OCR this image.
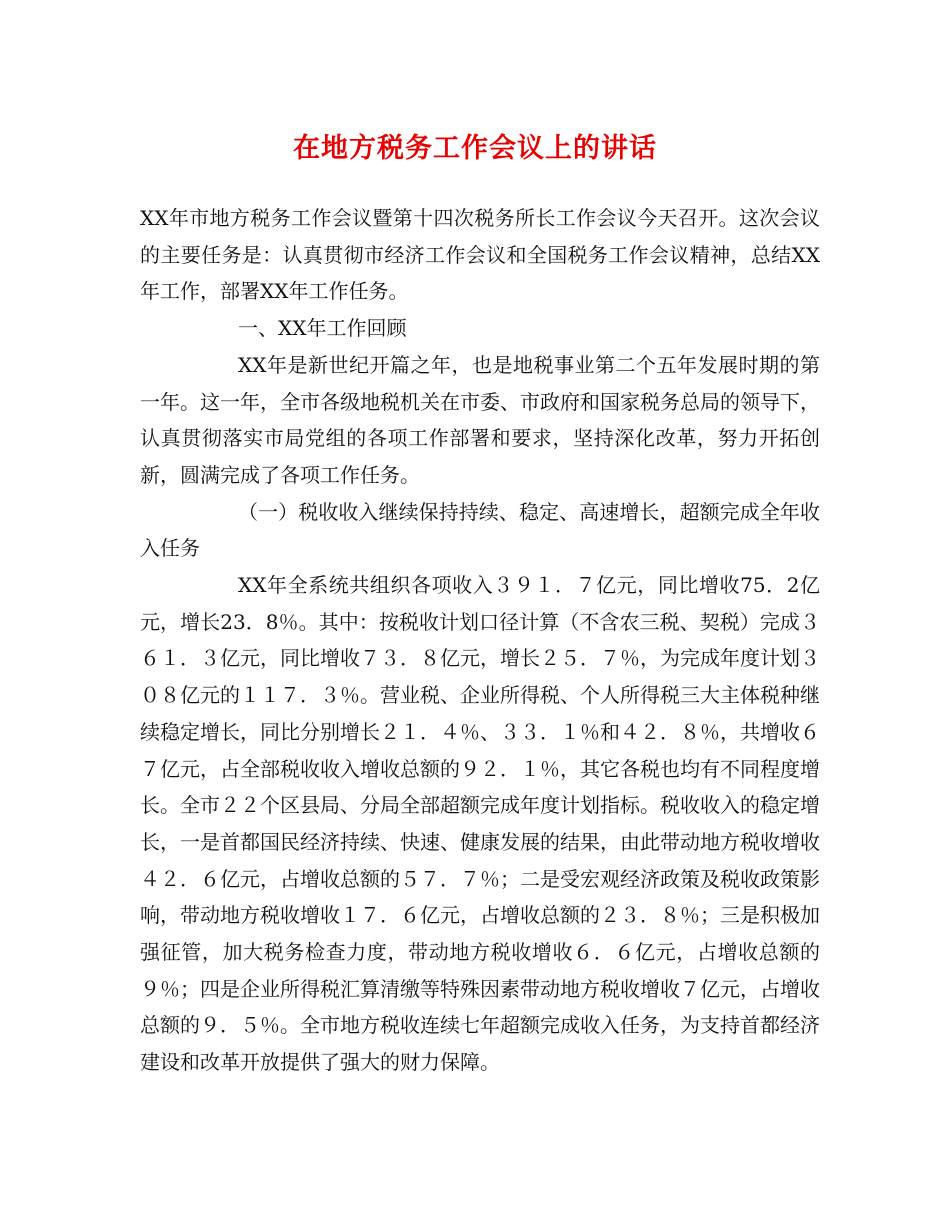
在地方税务工作会议上的讲话

XX年市地方税务工作会议暨第十四次税务所长工作会议今天召开。这次会议的主要任务是：认真贯彻市经济工作会议和全国税务工作会议精神，总结XX年工作，部署XX年工作任务。

一、XX年工作回顾

XX年是新世纪开篇之年，也是地税事业第二个五年发展时期的第一年。这一年，全市各级地税机关在市委、市政府和国家税务总局的领导下，认真贯彻落实市局党组的各项工作部署和要求，坚持深化改革，努力开拓创新，圆满完成了各项工作任务。

（一）税收收入继续保持持续、稳定、高速增长，超额完成全年收入任务

XX年全系统共组织各项收入３９１．７亿元，同比增收75．2亿元，增长23．8％。其中：按税收计划口径计算（不含农三税、契税）完成３６１．３亿元，同比增收７３．８亿元，增长２５．７％，为完成年度计划３０８亿元的１１７．３％。营业税、企业所得税、个人所得税三大主体税种继续稳定增长，同比分别增长２１．４％、３３．１％和４２．８％，共增收６７亿元，占全部税收收入增收总额的９２．１％，其它各税也均有不同程度增长。全市２２个区县局、分局全部超额完成年度计划指标。税收收入的稳定增长，一是首都国民经济持续、快速、健康发展的结果，由此带动地方税收增收４２．６亿元，占增收总额的５７．７％；二是受宏观经济政策及税收政策影响，带动地方税收增收１７．６亿元，占增收总额的２３．８％；三是积极加强征管，加大税务检查力度，带动地方税收增收６．６亿元，占增收总额的９％；四是企业所得税汇算清缴等特殊因素带动地方税收增收７亿元，占增收总额的９．５％。全市地方税收连续七年超额完成收入任务，为支持首都经济建设和改革开放提供了强大的财力保障。
